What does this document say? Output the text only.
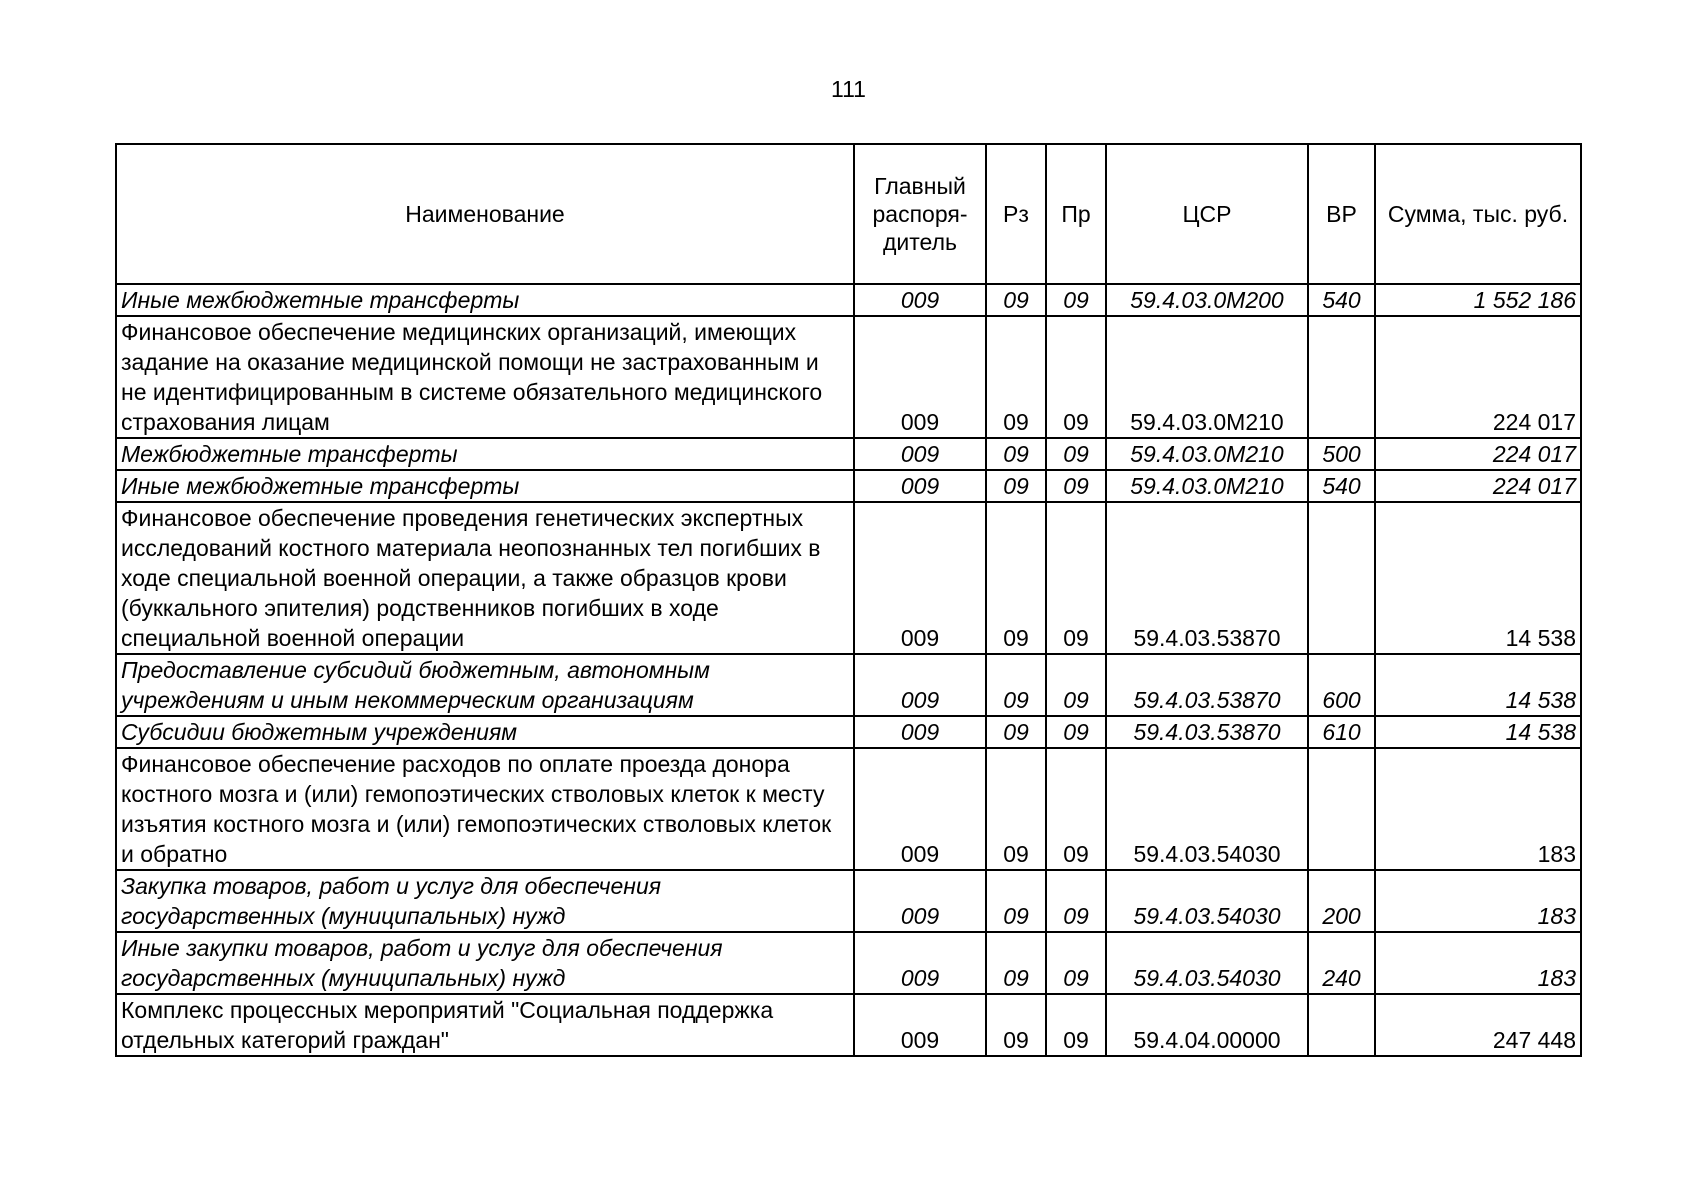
111
Наименование	Главный распоря-дитель	Рз	Пр	ЦСР	ВР	Сумма, тыс. руб.
Иные межбюджетные трансферты	009	09	09	59.4.03.0М200	540	1 552 186
Финансовое обеспечение медицинских организаций, имеющих задание на оказание медицинской помощи не застрахованным и не идентифицированным в системе обязательного медицинского страхования лицам	009	09	09	59.4.03.0М210		224 017
Межбюджетные трансферты	009	09	09	59.4.03.0М210	500	224 017
Иные межбюджетные трансферты	009	09	09	59.4.03.0М210	540	224 017
Финансовое обеспечение проведения генетических экспертных исследований костного материала неопознанных тел погибших в ходе специальной военной операции, а также образцов крови (буккального эпителия) родственников погибших в ходе специальной военной операции	009	09	09	59.4.03.53870		14 538
Предоставление субсидий бюджетным, автономным учреждениям и иным некоммерческим организациям	009	09	09	59.4.03.53870	600	14 538
Субсидии бюджетным учреждениям	009	09	09	59.4.03.53870	610	14 538
Финансовое обеспечение расходов по оплате проезда донора костного мозга и (или) гемопоэтических стволовых клеток к месту изъятия костного мозга и (или) гемопоэтических стволовых клеток и обратно	009	09	09	59.4.03.54030		183
Закупка товаров, работ и услуг для обеспечения государственных (муниципальных) нужд	009	09	09	59.4.03.54030	200	183
Иные закупки товаров, работ и услуг для обеспечения государственных (муниципальных) нужд	009	09	09	59.4.03.54030	240	183
Комплекс процессных мероприятий "Социальная поддержка отдельных категорий граждан"	009	09	09	59.4.04.00000		247 448
